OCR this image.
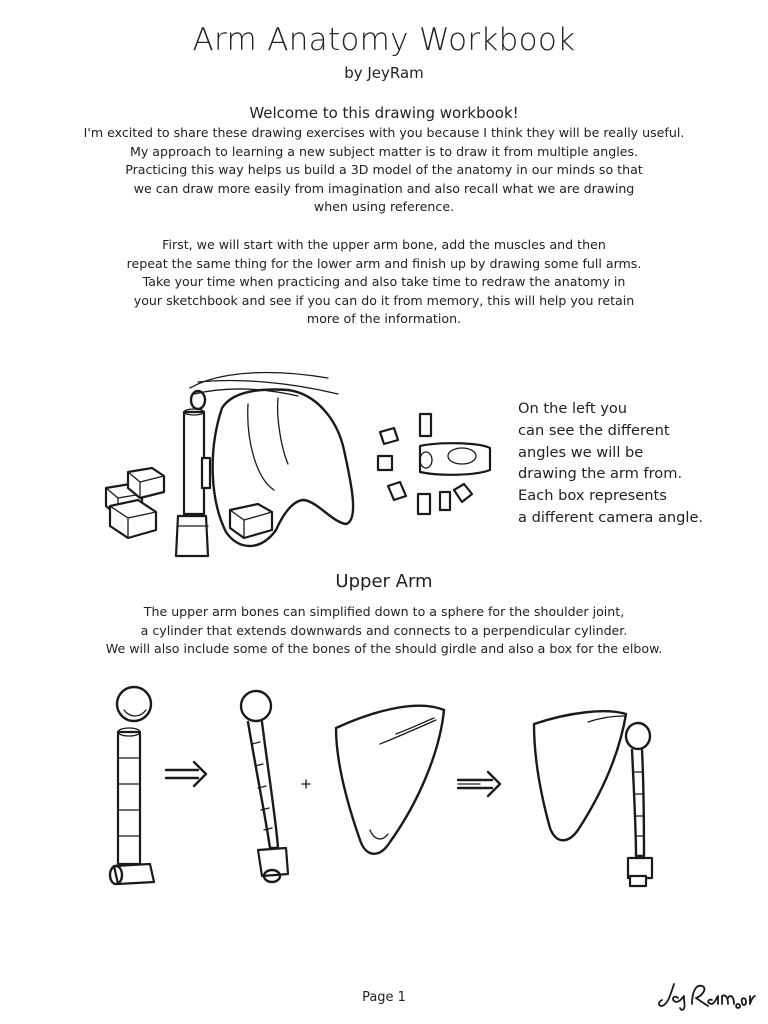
Arm Anatomy Workbook
by JeyRam
Welcome to this drawing workbook!
I'm excited to share these drawing exercises with you because I think they will be really useful.
My approach to learning a new subject matter is to draw it from multiple angles.
Practicing this way helps us build a 3D model of the anatomy in our minds so that
we can draw more easily from imagination and also recall what we are drawing
when using reference.
First, we will start with the upper arm bone, add the muscles and then
repeat the same thing for the lower arm and finish up by drawing some full arms.
Take your time when practicing and also take time to redraw the anatomy in
your sketchbook and see if you can do it from memory, this will help you retain
more of the information.
On the left you
can see the different
angles we will be
drawing the arm from.
Each box represents
a different camera angle.
Upper Arm
The upper arm bones can simplified down to a sphere for the shoulder joint,
a cylinder that extends downwards and connects to a perpendicular cylinder.
We will also include some of the bones of the should girdle and also a box for the elbow.
Page 1
JeyRam.org
